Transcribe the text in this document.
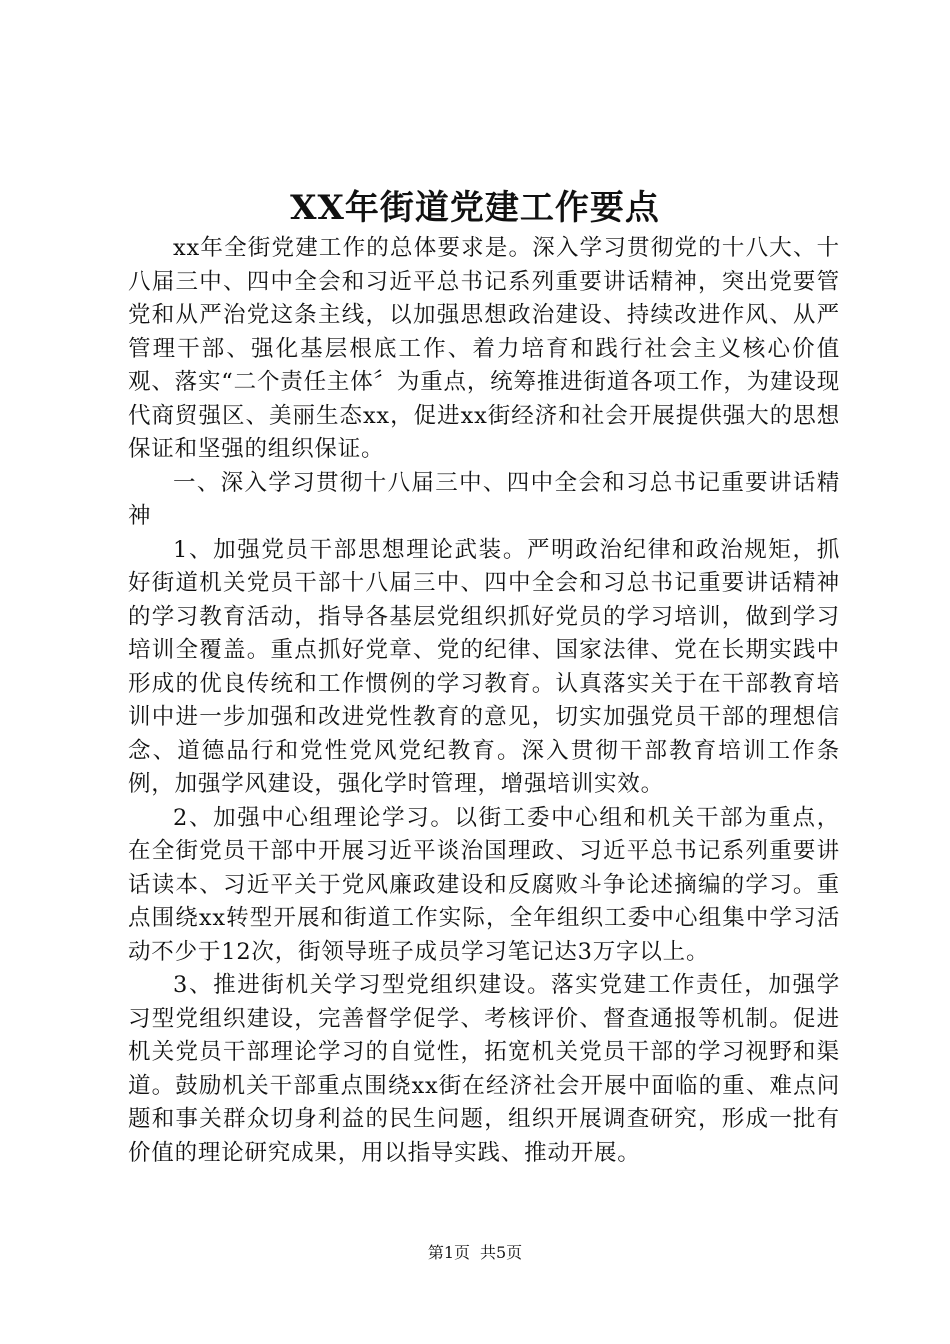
XX年街道党建工作要点

xx年全街党建工作的总体要求是。深入学习贯彻党的十八大、十八届三中、四中全会和习近平总书记系列重要讲话精神，突出党要管党和从严治党这条主线，以加强思想政治建设、持续改进作风、从严管理干部、强化基层根底工作、着力培育和践行社会主义核心价值观、落实“二个责任主体〞为重点，统筹推进街道各项工作，为建设现代商贸强区、美丽生态xx，促进xx街经济和社会开展提供强大的思想保证和坚强的组织保证。

一、深入学习贯彻十八届三中、四中全会和习总书记重要讲话精神

1、加强党员干部思想理论武装。严明政治纪律和政治规矩，抓好街道机关党员干部十八届三中、四中全会和习总书记重要讲话精神的学习教育活动，指导各基层党组织抓好党员的学习培训，做到学习培训全覆盖。重点抓好党章、党的纪律、国家法律、党在长期实践中形成的优良传统和工作惯例的学习教育。认真落实关于在干部教育培训中进一步加强和改进党性教育的意见，切实加强党员干部的理想信念、道德品行和党性党风党纪教育。深入贯彻干部教育培训工作条例，加强学风建设，强化学时管理，增强培训实效。

2、加强中心组理论学习。以街工委中心组和机关干部为重点，在全街党员干部中开展习近平谈治国理政、习近平总书记系列重要讲话读本、习近平关于党风廉政建设和反腐败斗争论述摘编的学习。重点围绕xx转型开展和街道工作实际，全年组织工委中心组集中学习活动不少于12次，街领导班子成员学习笔记达3万字以上。

3、推进街机关学习型党组织建设。落实党建工作责任，加强学习型党组织建设，完善督学促学、考核评价、督查通报等机制。促进机关党员干部理论学习的自觉性，拓宽机关党员干部的学习视野和渠道。鼓励机关干部重点围绕xx街在经济社会开展中面临的重、难点问题和事关群众切身利益的民生问题，组织开展调查研究，形成一批有价值的理论研究成果，用以指导实践、推动开展。

第1页 共5页
